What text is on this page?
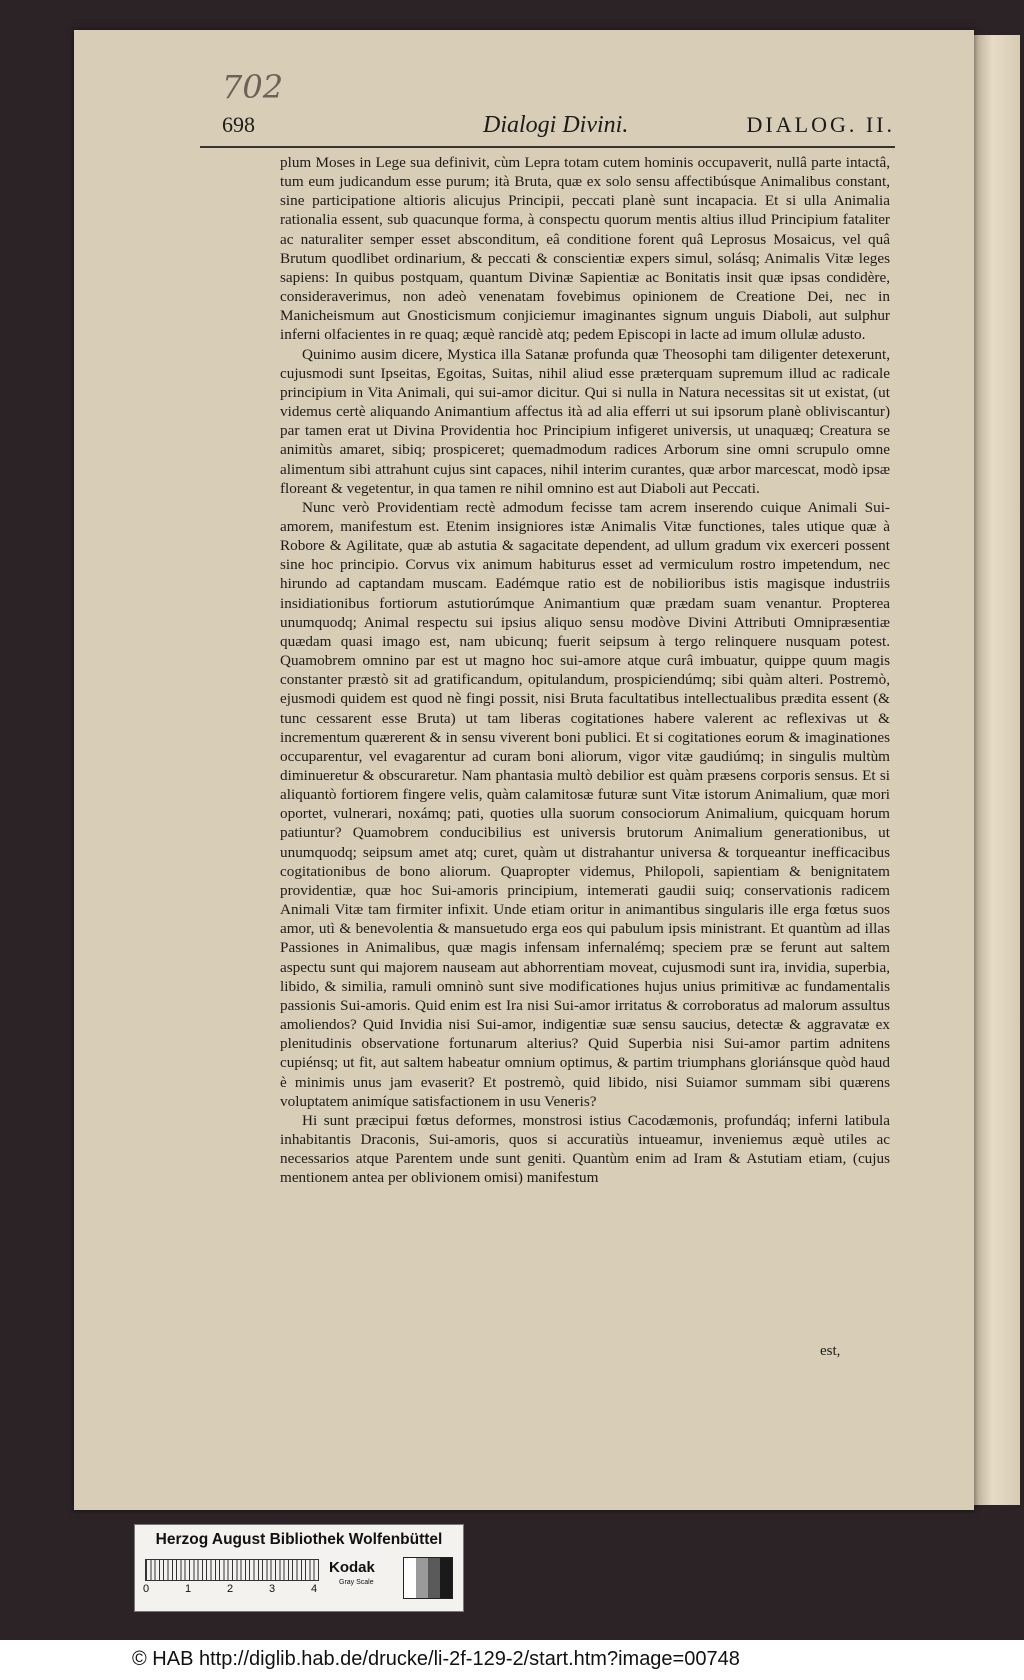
702
698	Dialogi Divini.	DIALOG. II.

plum Moses in Lege sua definivit, cùm Lepra totam cutem hominis occupaverit, nullâ parte intactâ, tum eum judicandum esse purum; ità Bruta, quæ ex solo sensu affectibúsque Animalibus constant, sine participatione altioris alicujus Principii, peccati planè sunt incapacia. Et si ulla Animalia rationalia essent, sub quacunque forma, à conspectu quorum mentis altius illud Principium fataliter ac naturaliter semper esset absconditum, eâ conditione forent quâ Leprosus Mosaicus, vel quâ Brutum quodlibet ordinarium, & peccati & conscientiæ expers simul, solásq; Animalis Vitæ leges sapiens: In quibus postquam, quantum Divinæ Sapientiæ ac Bonitatis insit quæ ipsas condidère, consideraverimus, non adeò venenatam fovebimus opinionem de Creatione Dei, nec in Manicheismum aut Gnosticismum conjiciemur imaginantes signum unguis Diaboli, aut sulphur inferni olfacientes in re quaq; æquè rancidè atq; pedem Episcopi in lacte ad imum ollulæ adusto.

Quinimo ausim dicere, Mystica illa Satanæ profunda quæ Theosophi tam diligenter detexerunt, cujusmodi sunt Ipseitas, Egoitas, Suitas, nihil aliud esse præterquam supremum illud ac radicale principium in Vita Animali, qui sui-amor dicitur. Qui si nulla in Natura necessitas sit ut existat, (ut videmus certè aliquando Animantium affectus ità ad alia efferri ut sui ipsorum planè obliviscantur) par tamen erat ut Divina Providentia hoc Principium infigeret universis, ut unaquæq; Creatura se animitùs amaret, sibiq; prospiceret; quemadmodum radices Arborum sine omni scrupulo omne alimentum sibi attrahunt cujus sint capaces, nihil interim curantes, quæ arbor marcescat, modò ipsæ floreant & vegetentur, in qua tamen re nihil omnino est aut Diaboli aut Peccati.

Nunc verò Providentiam rectè admodum fecisse tam acrem inserendo cuique Animali Sui-amorem, manifestum est. Etenim insigniores istæ Animalis Vitæ functiones, tales utique quæ à Robore & Agilitate, quæ ab astutia & sagacitate dependent, ad ullum gradum vix exerceri possent sine hoc principio. Corvus vix animum habiturus esset ad vermiculum rostro impetendum, nec hirundo ad captandam muscam. Eadémque ratio est de nobilioribus istis magisque industriis insidiationibus fortiorum astutiorúmque Animantium quæ prædam suam venantur. Propterea unumquodq; Animal respectu sui ipsius aliquo sensu modòve Divini Attributi Omnipræsentiæ quædam quasi imago est, nam ubicunq; fuerit seipsum à tergo relinquere nusquam potest. Quamobrem omnino par est ut magno hoc sui-amore atque curâ imbuatur, quippe quum magis constanter præstò sit ad gratificandum, opitulandum, prospiciendúmq; sibi quàm alteri. Postremò, ejusmodi quidem est quod nè fingi possit, nisi Bruta facultatibus intellectualibus prædita essent (& tunc cessarent esse Bruta) ut tam liberas cogitationes habere valerent ac reflexivas ut & incrementum quærerent & in sensu viverent boni publici. Et si cogitationes eorum & imaginationes occuparentur, vel evagarentur ad curam boni aliorum, vigor vitæ gaudiúmq; in singulis multùm diminueretur & obscuraretur. Nam phantasia multò debilior est quàm præsens corporis sensus. Et si aliquantò fortiorem fingere velis, quàm calamitosæ futuræ sunt Vitæ istorum Animalium, quæ mori oportet, vulnerari, noxámq; pati, quoties ulla suorum consociorum Animalium, quicquam horum patiuntur? Quamobrem conducibilius est universis brutorum Animalium generationibus, ut unumquodq; seipsum amet atq; curet, quàm ut distrahantur universa & torqueantur inefficacibus cogitationibus de bono aliorum. Quapropter videmus, Philopoli, sapientiam & benignitatem providentiæ, quæ hoc Sui-amoris principium, intemerati gaudii suiq; conservationis radicem Animali Vitæ tam firmiter infixit. Unde etiam oritur in animantibus singularis ille erga fœtus suos amor, utì & benevolentia & mansuetudo erga eos qui pabulum ipsis ministrant. Et quantùm ad illas Passiones in Animalibus, quæ magis infensam infernalémq; speciem præ se ferunt aut saltem aspectu sunt qui majorem nauseam aut abhorrentiam moveat, cujusmodi sunt ira, invidia, superbia, libido, & similia, ramuli omninò sunt sive modificationes hujus unius primitivæ ac fundamentalis passionis Sui-amoris. Quid enim est Ira nisi Sui-amor irritatus & corroboratus ad malorum assultus amoliendos? Quid Invidia nisi Sui-amor, indigentiæ suæ sensu saucius, detectæ & aggravatæ ex plenitudinis observatione fortunarum alterius? Quid Superbia nisi Sui-amor partim adnitens cupiénsq; ut fit, aut saltem habeatur omnium optimus, & partim triumphans gloriánsque quòd haud è minimis unus jam evaserit? Et postremò, quid libido, nisi Suiamor summam sibi quærens voluptatem animíque satisfactionem in usu Veneris?

Hi sunt præcipui fœtus deformes, monstrosi istius Cacodæmonis, profundáq; inferni latibula inhabitantis Draconis, Sui-amoris, quos si accuratiùs intueamur, inveniemus æquè utiles ac necessarios atque Parentem unde sunt geniti. Quantùm enim ad Iram & Astutiam etiam, (cujus mentionem antea per oblivionem omisi) manifestum

est,
Herzog August Bibliothek Wolfenbüttel
0	1	2	3	4
Kodak
Gray Scale
© HAB http://diglib.hab.de/drucke/li-2f-129-2/start.htm?image=00748
